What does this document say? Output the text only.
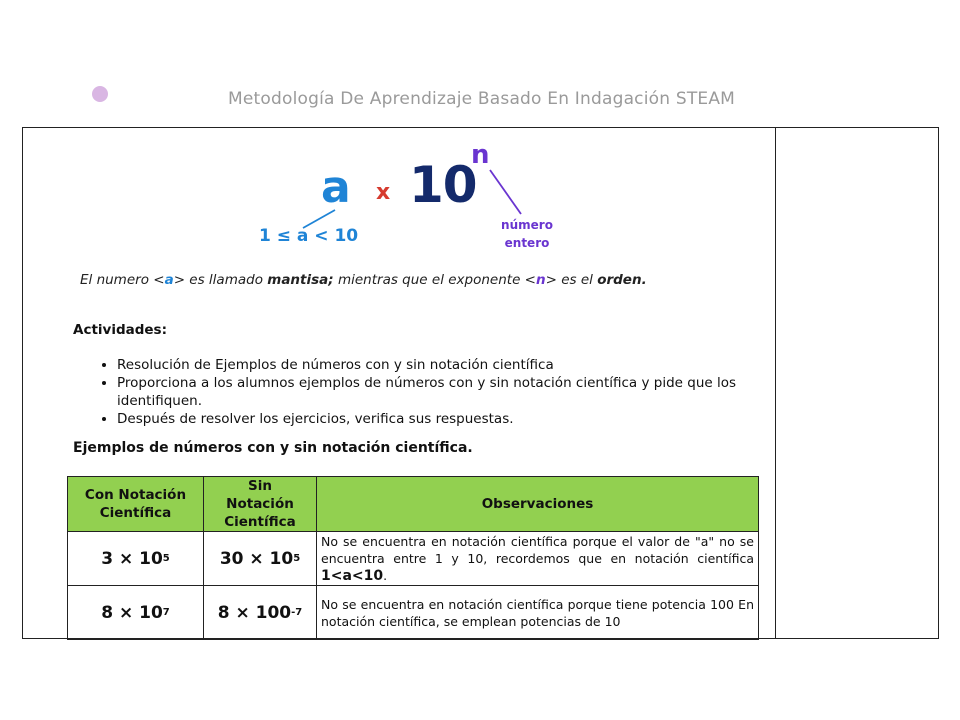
Metodología De Aprendizaje Basado En Indagación STEAM
a x 10
n
1 ≤ a < 10
número
entero
El numero <a> es llamado mantisa; mientras que el exponente <n> es el orden.
Actividades:
• Resolución de Ejemplos de números con y sin notación científica
• Proporciona a los alumnos ejemplos de números con y sin notación científica y pide que los identifiquen.
• Después de resolver los ejercicios, verifica sus respuestas.
Ejemplos de números con y sin notación científica.
Con Notación Científica	Sin Notación Científica	Observaciones
$3 \times 10^5$	$30 \times 10^5$	No se encuentra en notación científica porque el valor de "a" no se encuentra entre 1 y 10, recordemos que en notación científica 1<a<10.
$8 \times 10^7$	$8 \times 100^{-7}$	No se encuentra en notación científica porque tiene potencia 100 En notación científica, se emplean potencias de 10
